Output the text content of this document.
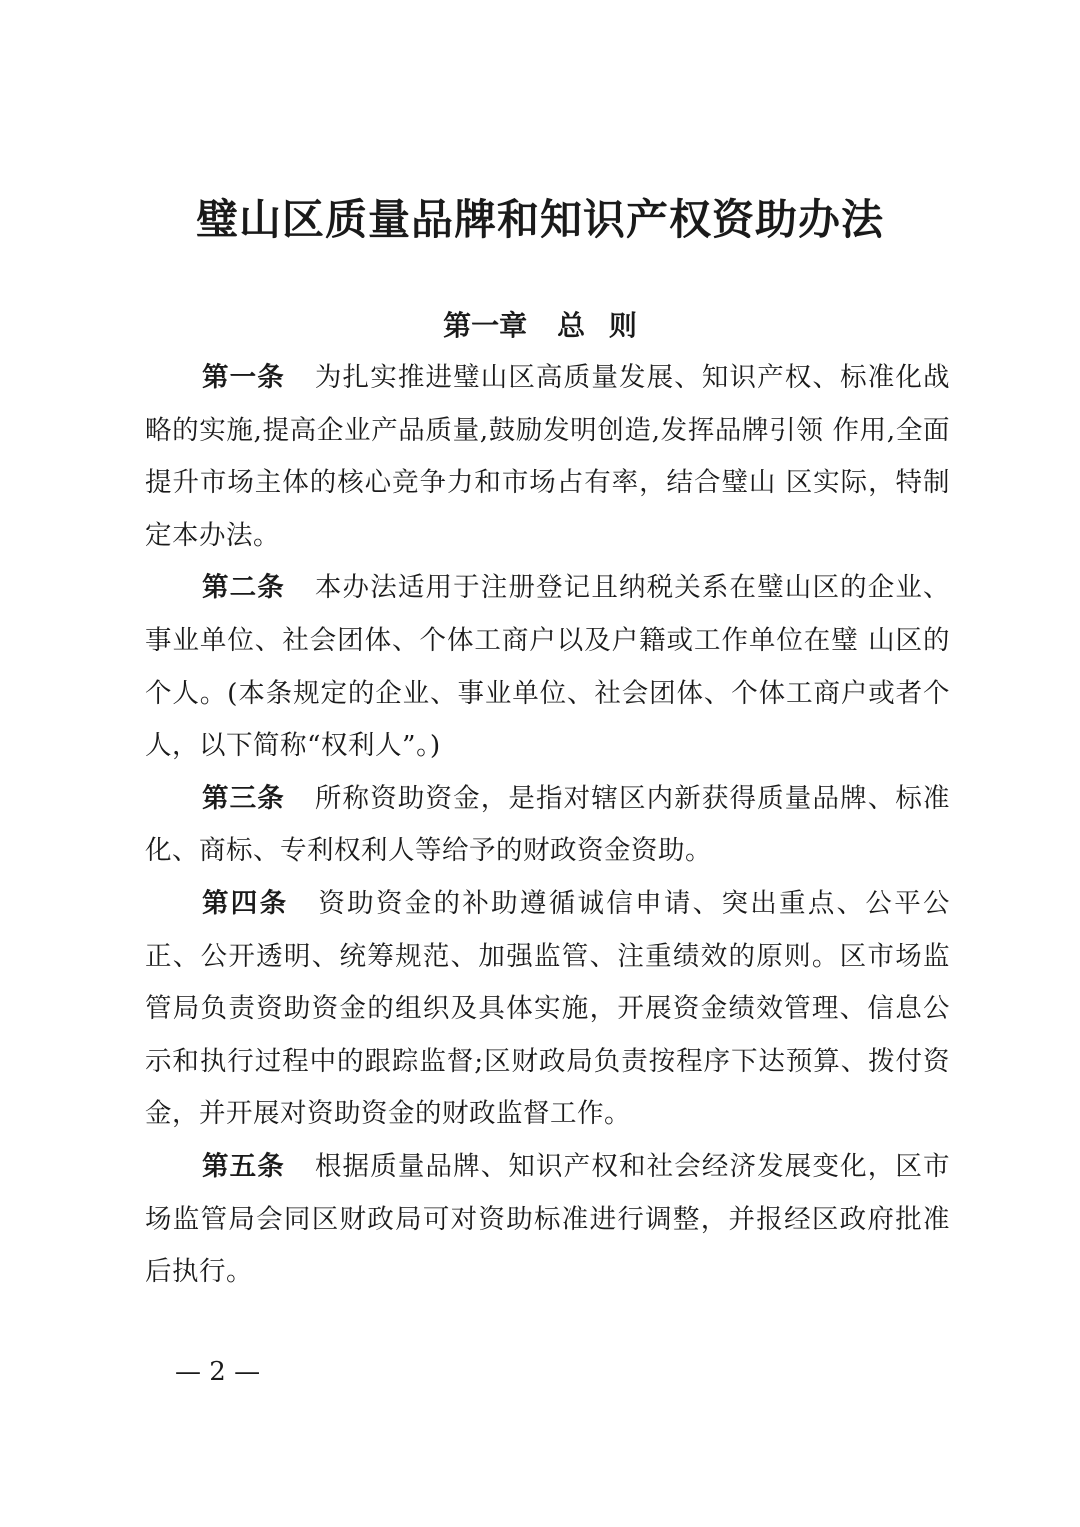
璧山区质量品牌和知识产权资助办法
第一章 总 则

第一条 为扎实推进璧山区高质量发展、知识产权、标准化战略的实施,提高企业产品质量,鼓励发明创造,发挥品牌引领 作用,全面提升市场主体的核心竞争力和市场占有率，结合璧山 区实际，特制定本办法。

第二条 本办法适用于注册登记且纳税关系在璧山区的企业、事业单位、社会团体、个体工商户以及户籍或工作单位在璧 山区的个人。(本条规定的企业、事业单位、社会团体、个体工商户或者个人，以下简称“权利人”。)

第三条 所称资助资金，是指对辖区内新获得质量品牌、标准化、商标、专利权利人等给予的财政资金资助。

第四条 资助资金的补助遵循诚信申请、突出重点、公平公正、公开透明、统筹规范、加强监管、注重绩效的原则。区市场监管局负责资助资金的组织及具体实施，开展资金绩效管理、信息公示和执行过程中的跟踪监督;区财政局负责按程序下达预算、拨付资金，并开展对资助资金的财政监督工作。

第五条 根据质量品牌、知识产权和社会经济发展变化，区市场监管局会同区财政局可对资助标准进行调整，并报经区政府批准后执行。

— 2 —
